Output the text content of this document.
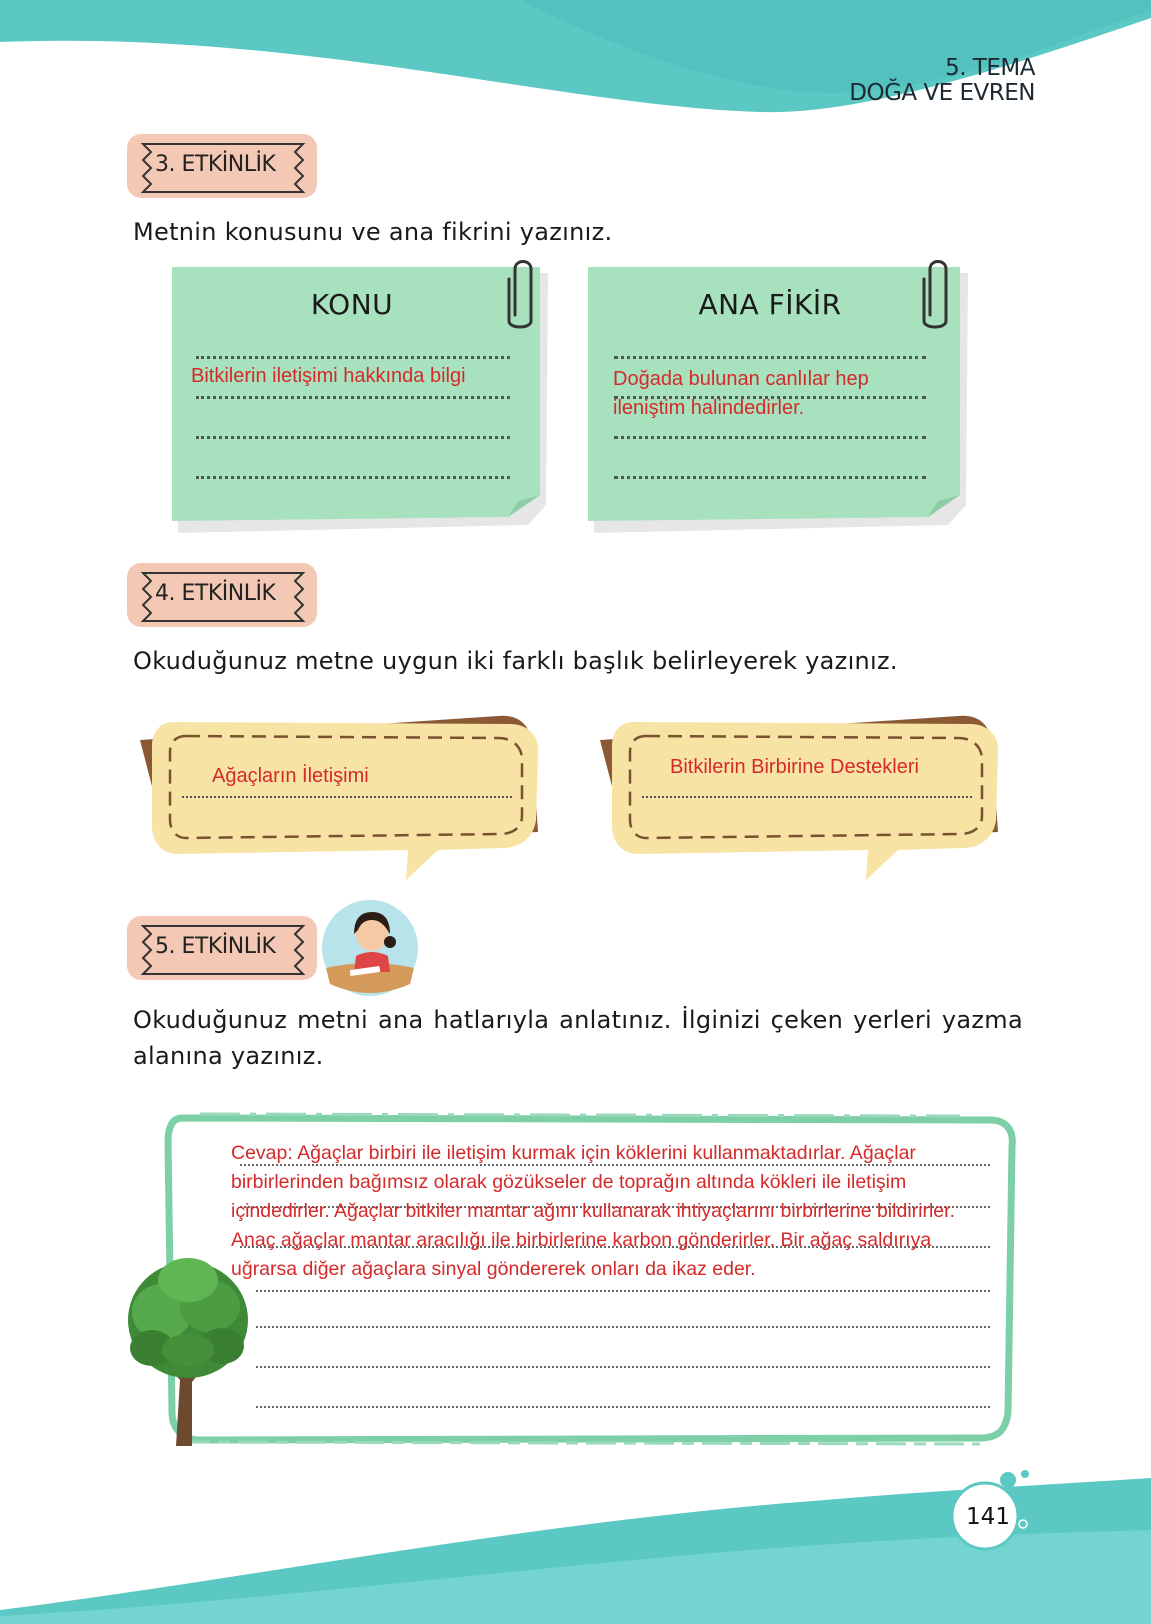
5. TEMA
DOĞA VE EVREN
3. ETKİNLİK
Metnin konusunu ve ana fikrini yazınız.
KONU
Bitkilerin iletişimi hakkında bilgi
ANA FİKİR
Doğada bulunan canlılar hep
ileniştim halindedirler.
4. ETKİNLİK
Okuduğunuz metne uygun iki farklı başlık belirleyerek yazınız.
Ağaçların İletişimi	Bitkilerin Birbirine Destekleri
5. ETKİNLİK
Okuduğunuz metni ana hatlarıyla anlatınız. İlginizi çeken yerleri yazma
alanına yazınız.
Cevap: Ağaçlar birbiri ile iletişim kurmak için köklerini kullanmaktadırlar. Ağaçlar
birbirlerinden bağımsız olarak gözükseler de toprağın altında kökleri ile iletişim
içindedirler. Ağaçlar bitkiler mantar ağını kullanarak ihtiyaçlarını birbirlerine bildirirler.
Anaç ağaçlar mantar aracılığı ile birbirlerine karbon gönderirler. Bir ağaç saldırıya
uğrarsa diğer ağaçlara sinyal göndererek onları da ikaz eder.
141
